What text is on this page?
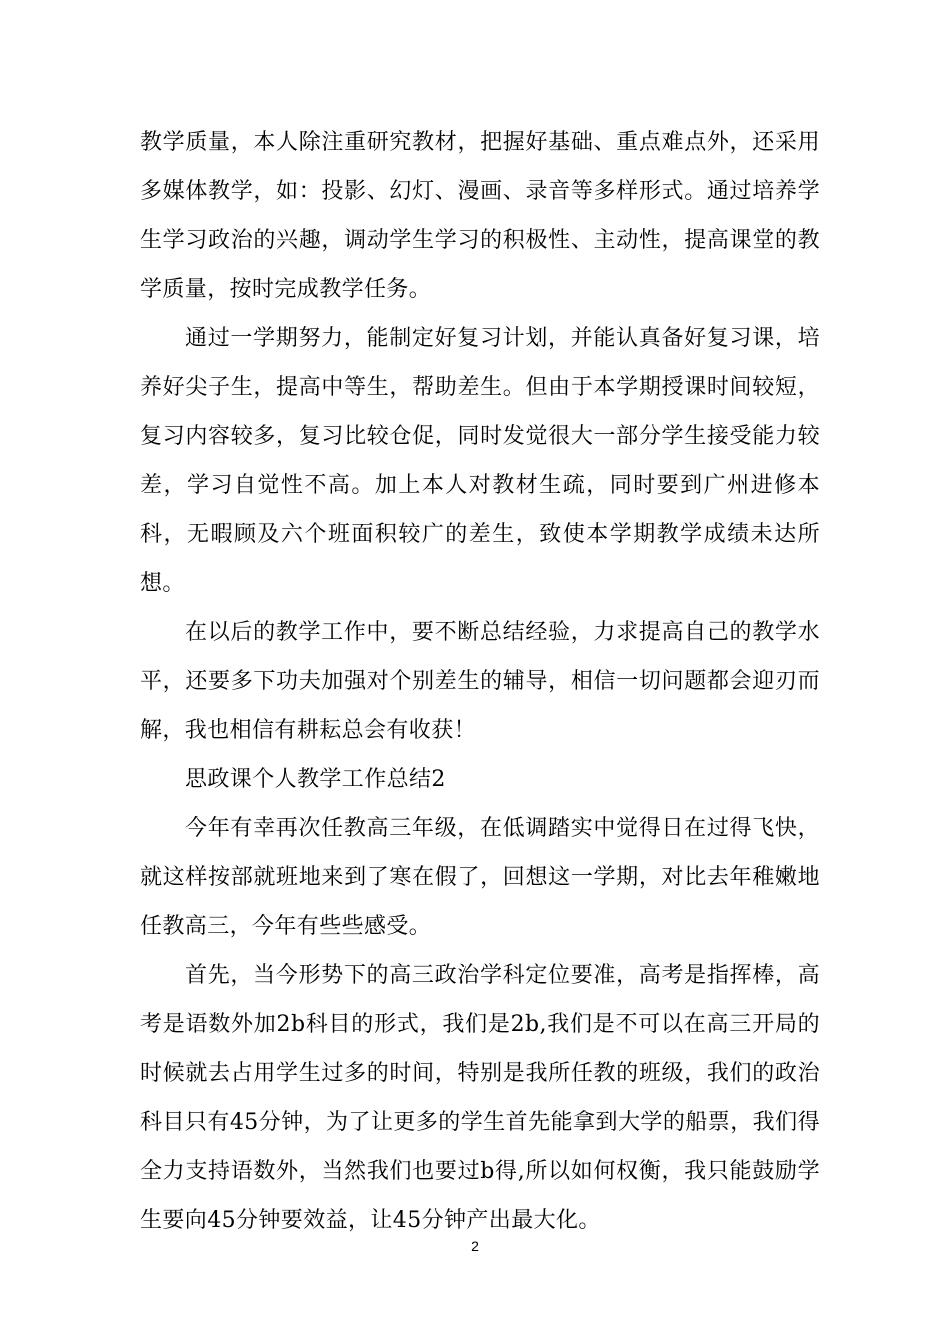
教学质量，本人除注重研究教材，把握好基础、重点难点外，还采用多媒体教学，如：投影、幻灯、漫画、录音等多样形式。通过培养学生学习政治的兴趣，调动学生学习的积极性、主动性，提高课堂的教学质量，按时完成教学任务。

通过一学期努力，能制定好复习计划，并能认真备好复习课，培养好尖子生，提高中等生，帮助差生。但由于本学期授课时间较短，复习内容较多，复习比较仓促，同时发觉很大一部分学生接受能力较差，学习自觉性不高。加上本人对教材生疏，同时要到广州进修本科，无暇顾及六个班面积较广的差生，致使本学期教学成绩未达所想。

在以后的教学工作中，要不断总结经验，力求提高自己的教学水平，还要多下功夫加强对个别差生的辅导，相信一切问题都会迎刃而解，我也相信有耕耘总会有收获！

思政课个人教学工作总结2

今年有幸再次任教高三年级，在低调踏实中觉得日在过得飞快，就这样按部就班地来到了寒在假了，回想这一学期，对比去年稚嫩地任教高三，今年有些些感受。

首先，当今形势下的高三政治学科定位要准，高考是指挥棒，高考是语数外加2b科目的形式，我们是2b,我们是不可以在高三开局的时候就去占用学生过多的时间，特别是我所任教的班级，我们的政治科目只有45分钟，为了让更多的学生首先能拿到大学的船票，我们得全力支持语数外，当然我们也要过b得,所以如何权衡，我只能鼓励学生要向45分钟要效益，让45分钟产出最大化。

2
